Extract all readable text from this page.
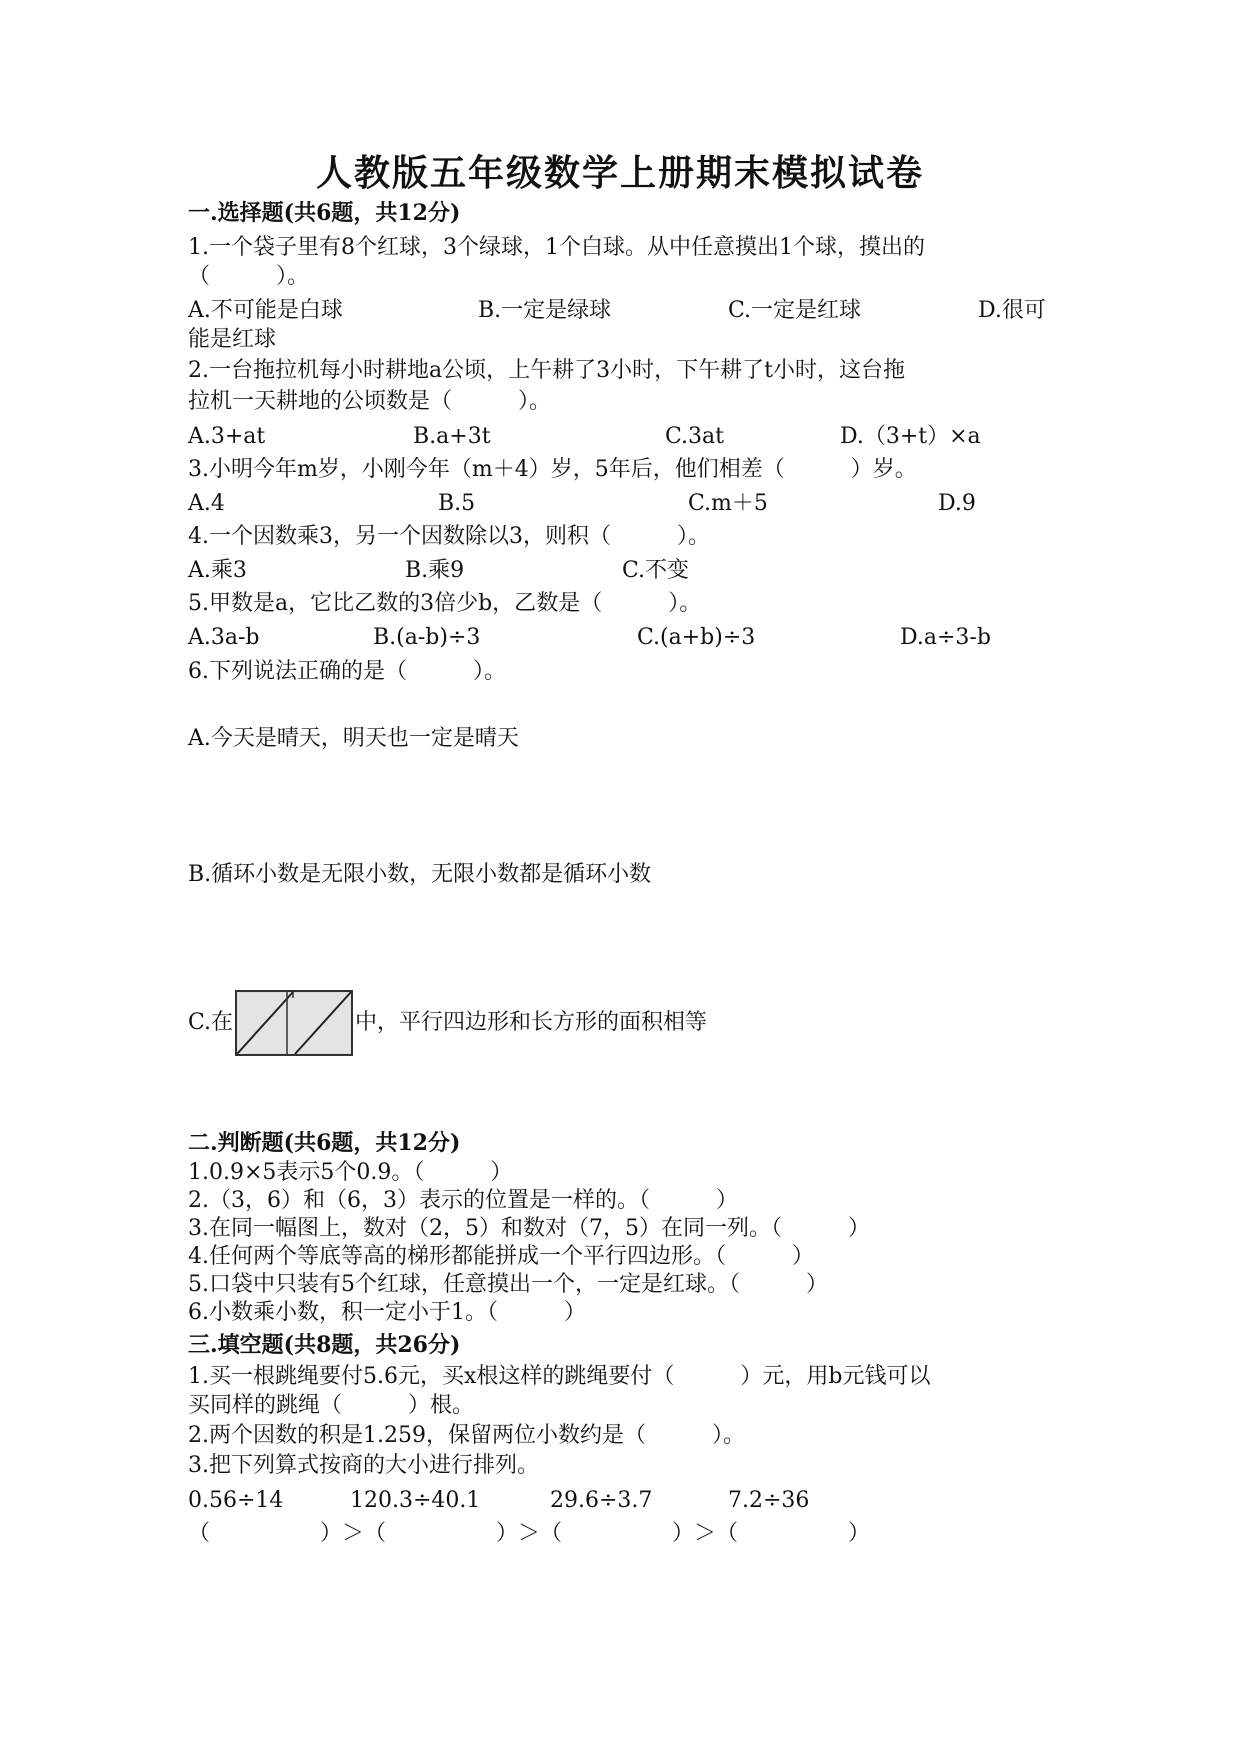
人教版五年级数学上册期末模拟试卷
一.选择题(共6题，共12分)
1.一个袋子里有8个红球，3个绿球，1个白球。从中任意摸出1个球，摸出的
（　　　）。
A.不可能是白球	B.一定是绿球	C.一定是红球	D.很可
能是红球
2.一台拖拉机每小时耕地a公顷，上午耕了3小时，下午耕了t小时，这台拖
拉机一天耕地的公顷数是（　　　）。
A.3+at	B.a+3t	C.3at	D.（3+t）×a
3.小明今年m岁，小刚今年（m＋4）岁，5年后，他们相差（　　　）岁。
A.4	B.5	C.m＋5	D.9
4.一个因数乘3，另一个因数除以3，则积（　　　）。
A.乘3	B.乘9	C.不变
5.甲数是a，它比乙数的3倍少b，乙数是（　　　）。
A.3a-b	B.(a-b)÷3	C.(a+b)÷3	D.a÷3-b
6.下列说法正确的是（　　　）。
A.今天是晴天，明天也一定是晴天
B.循环小数是无限小数，无限小数都是循环小数
C.在	中，平行四边形和长方形的面积相等
二.判断题(共6题，共12分)
1.0.9×5表示5个0.9。（　　　）
2.（3，6）和（6，3）表示的位置是一样的。（　　　）
3.在同一幅图上，数对（2，5）和数对（7，5）在同一列。（　　　）
4.任何两个等底等高的梯形都能拼成一个平行四边形。（　　　）
5.口袋中只装有5个红球，任意摸出一个，一定是红球。（　　　）
6.小数乘小数，积一定小于1。（　　　）
三.填空题(共8题，共26分)
1.买一根跳绳要付5.6元，买x根这样的跳绳要付（　　　）元，用b元钱可以
买同样的跳绳（　　　）根。
2.两个因数的积是1.259，保留两位小数约是（　　　）。
3.把下列算式按商的大小进行排列。
0.56÷14	120.3÷40.1	29.6÷3.7	7.2÷36
（　　　　　）＞（　　　　　）＞（　　　　　）＞（　　　　　）
